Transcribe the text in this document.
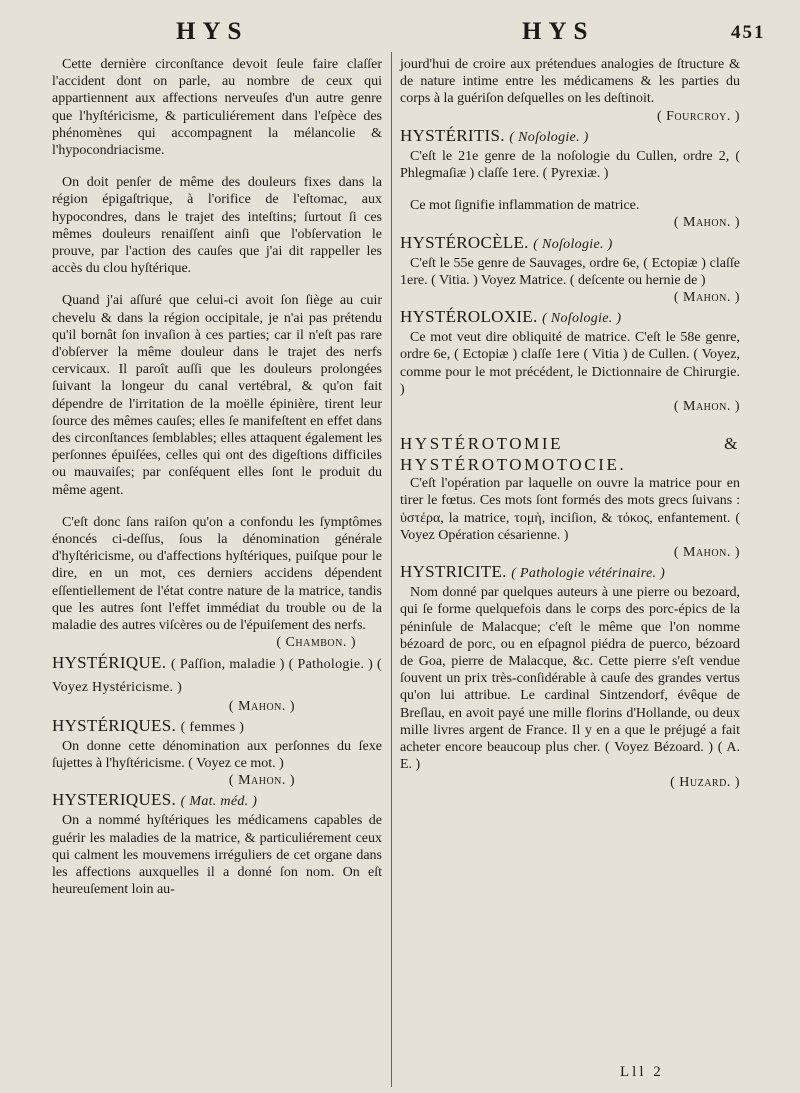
HYS	HYS	451

Cette dernière circonſtance devoit ſeule faire claſſer l'accident dont on parle, au nombre de ceux qui appartiennent aux affections nerveuſes d'un autre genre que l'hyſtéricisme, & particuliérement dans l'eſpèce des phénomènes qui accompagnent la mélancolie & l'hypocondriacisme.

On doit penſer de même des douleurs fixes dans la région épigaſtrique, à l'orifice de l'eſtomac, aux hypocondres, dans le trajet des inteſtins; ſurtout ſi ces mêmes douleurs renaiſſent ainſi que l'obſervation le prouve, par l'action des cauſes que j'ai dit rappeller les accès du clou hyſtérique.

Quand j'ai aſſuré que celui-ci avoit ſon ſiège au cuir chevelu & dans la région occipitale, je n'ai pas prétendu qu'il bornât ſon invaſion à ces parties; car il n'eſt pas rare d'obſerver la même douleur dans le trajet des nerfs cervicaux. Il paroît auſſi que les douleurs prolongées ſuivant la longeur du canal vertébral, & qu'on fait dépendre de l'irritation de la moëlle épinière, tirent leur ſource des mêmes cauſes; elles ſe manifeſtent en effet dans des circonſtances ſemblables; elles attaquent également les perſonnes épuiſées, celles qui ont des digeſtions difficiles ou mauvaiſes; par conſéquent elles ſont le produit du même agent.

C'eſt donc ſans raiſon qu'on a confondu les ſymptômes énoncés ci-deſſus, ſous la dénomination générale d'hyſtéricisme, ou d'affections hyſtériques, puiſque pour le dire, en un mot, ces derniers accidens dépendent eſſentiellement de l'état contre nature de la matrice, tandis que les autres ſont l'effet immédiat du trouble ou de la maladie des autres viſcères ou de l'épuiſement des nerfs.

( Chambon. )

HYSTÉRIQUE. ( Paſſion, maladie ) ( Pathologie. ) ( Voyez Hystéricisme. )

( Mahon. )

HYSTÉRIQUES. ( femmes )

On donne cette dénomination aux perſonnes du ſexe ſujettes à l'hyſtéricisme. ( Voyez ce mot. )

( Mahon. )

HYSTERIQUES. ( Mat. méd. )

On a nommé hyſtériques les médicamens capables de guérir les maladies de la matrice, & particuliérement ceux qui calment les mouvemens irréguliers de cet organe dans les affections auxquelles il a donné ſon nom. On eſt heureuſement loin au-

jourd'hui de croire aux prétendues analogies de ſtructure & de nature intime entre les médicamens & les parties du corps à la guériſon deſquelles on les deſtinoit.

( Fourcroy. )

HYSTÉRITIS. ( Noſologie. )

C'eſt le 21e genre de la noſologie du Cullen, ordre 2, ( Phlegmaſiæ ) claſſe 1ere. ( Pyrexiæ. )

Ce mot ſignifie inflammation de matrice.

( Mahon. )

HYSTÉROCÈLE. ( Noſologie. )

C'eſt le 55e genre de Sauvages, ordre 6e, ( Ectopiæ ) claſſe 1ere. ( Vitia. ) Voyez Matrice. ( deſcente ou hernie de )

( Mahon. )

HYSTÉROLOXIE. ( Noſologie. )

Ce mot veut dire obliquité de matrice. C'eſt le 58e genre, ordre 6e, ( Ectopiæ ) claſſe 1ere ( Vitia ) de Cullen. ( Voyez, comme pour le mot précédent, le Dictionnaire de Chirurgie. )

( Mahon. )

HYSTÉROTOMIE & HYSTÉROTOMOTOCIE.

C'eſt l'opération par laquelle on ouvre la matrice pour en tirer le fœtus. Ces mots ſont formés des mots grecs ſuivans : ὑστέρα, la matrice, τομὴ, inciſion, & τόκος, enfantement. ( Voyez Opération césarienne. )

( Mahon. )

HYSTRICITE. ( Pathologie vétérinaire. )

Nom donné par quelques auteurs à une pierre ou bezoard, qui ſe forme quelquefois dans le corps des porc-épics de la péninſule de Malacque; c'eſt le même que l'on nomme bézoard de porc, ou en eſpagnol piédra de puerco, bézoard de Goa, pierre de Malacque, &c. Cette pierre s'eſt vendue ſouvent un prix très-conſidérable à cauſe des grandes vertus qu'on lui attribue. Le cardinal Sintzendorf, évêque de Breſlau, en avoit payé une mille florins d'Hollande, ou deux mille livres argent de France. Il y en a que le préjugé a fait acheter encore beaucoup plus cher. ( Voyez Bézoard. ) ( A. E. )

( Huzard. )

Lll 2
